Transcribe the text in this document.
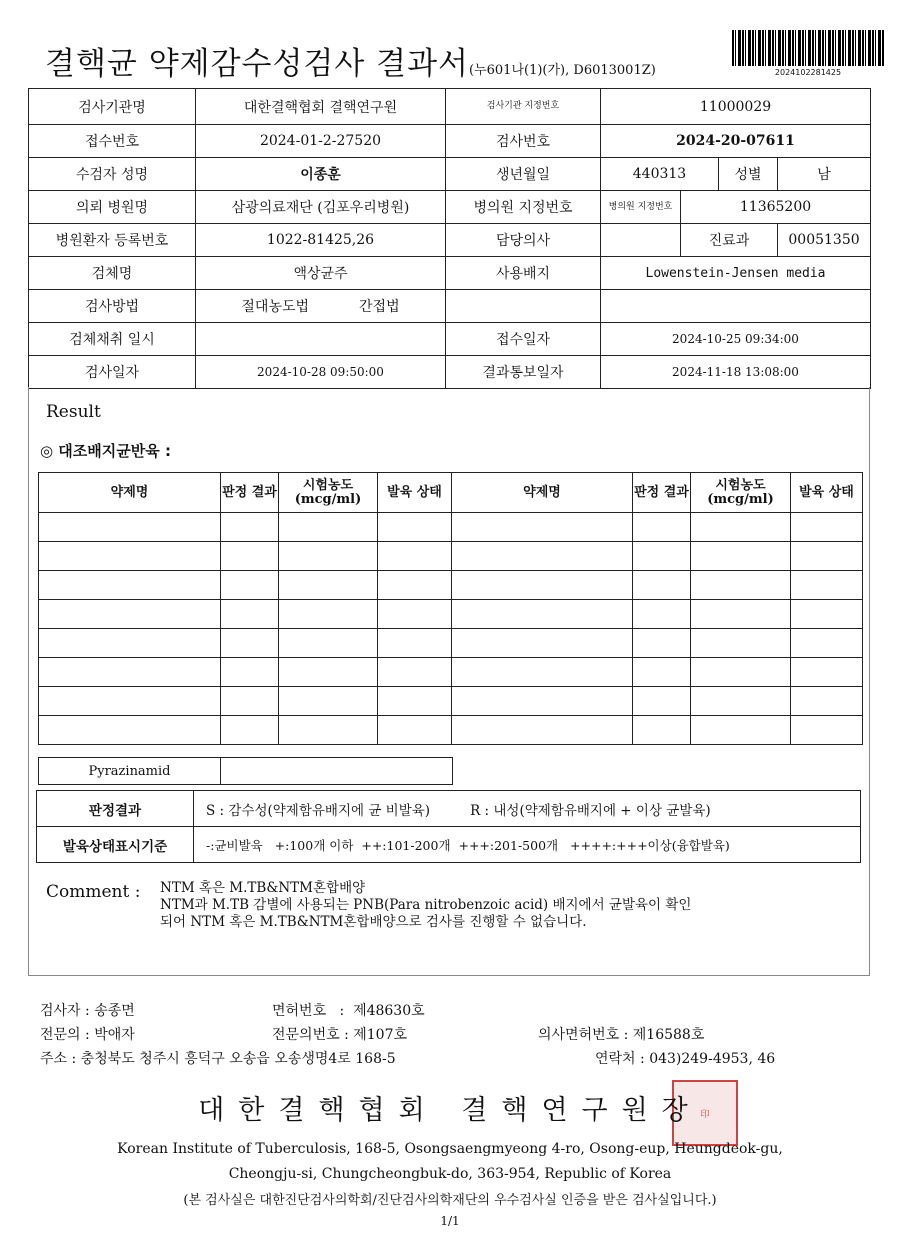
결핵균 약제감수성검사 결과서(누601나(1)(가), D6013001Z)	2024102281425
검사기관명	대한결핵협회 결핵연구원	검사기관 지정번호	11000029			
접수번호	2024-01-2-27520	검사번호	2024-20-07611			
수검자 성명	이종훈	생년월일	440313		성별	남
의뢰 병원명	삼광의료재단 (김포우리병원)	병의원 지정번호	병의원 지정번호	11365200		
병원환자 등록번호	1022-81425,26	담당의사		진료과		00051350
검체명	액상균주	사용배지	Lowenstein-Jensen media			
검사방법	절대농도법 간접법					
검체채취 일시		접수일자	2024-10-25 09:34:00			
검사일자	2024-10-28 09:50:00	결과통보일자	2024-11-18 13:08:00			
Result
◎ 대조배지균반육 :
약제명	판정 결과	시험농도 (mcg/ml)	발육 상태	약제명	판정 결과	시험농도 (mcg/ml)	발육 상태

Pyrazinamid	
판정결과	S : 감수성(약제함유배지에 균 비발육) R : 내성(약제함유배지에 + 이상 균발육)
발육상태표시기준	-:균비발육   +:100개 이하  ++:101-200개  +++:201-500개   ++++:+++이상(융합발육)
Comment : NTM 혹은 M.TB&NTM혼합배양
NTM과 M.TB 감별에 사용되는 PNB(Para nitrobenzoic acid) 배지에서 균발육이 확인
되어 NTM 혹은 M.TB&NTM혼합배양으로 검사를 진행할 수 없습니다.
검사자 : 송종면	면허번호   :  제48630호
전문의 : 박애자	전문의번호 : 제107호	의사면허번호 : 제16588호
주소 : 충청북도 청주시 흥덕구 오송읍 오송생명4로 168-5	연락처 : 043)249-4953, 46
印
대한결핵협회 결핵연구원장
Korean Institute of Tuberculosis, 168-5, Osongsaengmyeong 4-ro, Osong-eup, Heungdeok-gu,
Cheongju-si, Chungcheongbuk-do, 363-954, Republic of Korea
(본 검사실은 대한진단검사의학회/진단검사의학재단의 우수검사실 인증을 받은 검사실입니다.)
1/1
